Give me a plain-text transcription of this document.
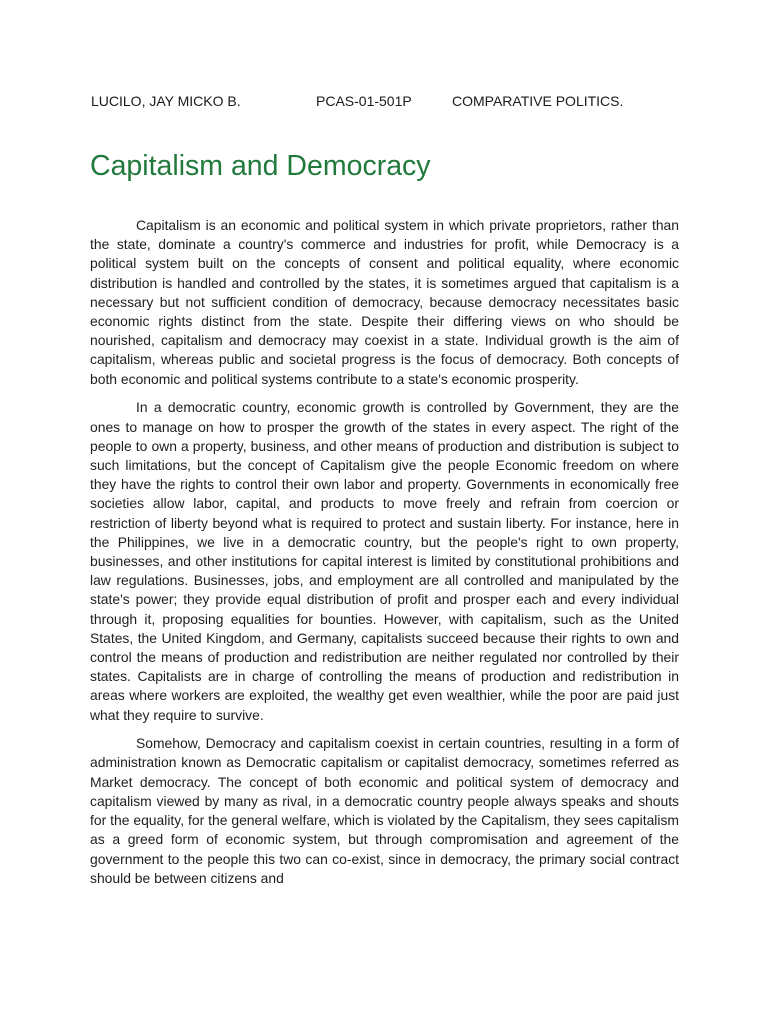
LUCILO, JAY MICKO B.	PCAS-01-501P	COMPARATIVE POLITICS.
Capitalism and Democracy

Capitalism is an economic and political system in which private proprietors, rather than the state, dominate a country's commerce and industries for profit, while Democracy is a political system built on the concepts of consent and political equality, where economic distribution is handled and controlled by the states, it is sometimes argued that capitalism is a necessary but not sufficient condition of democracy, because democracy necessitates basic economic rights distinct from the state. Despite their differing views on who should be nourished, capitalism and democracy may coexist in a state. Individual growth is the aim of capitalism, whereas public and societal progress is the focus of democracy. Both concepts of both economic and political systems contribute to a state's economic prosperity.

In a democratic country, economic growth is controlled by Government, they are the ones to manage on how to prosper the growth of the states in every aspect. The right of the people to own a property, business, and other means of production and distribution is subject to such limitations, but the concept of Capitalism give the people Economic freedom on where they have the rights to control their own labor and property. Governments in economically free societies allow labor, capital, and products to move freely and refrain from coercion or restriction of liberty beyond what is required to protect and sustain liberty. For instance, here in the Philippines, we live in a democratic country, but the people's right to own property, businesses, and other institutions for capital interest is limited by constitutional prohibitions and law regulations. Businesses, jobs, and employment are all controlled and manipulated by the state's power; they provide equal distribution of profit and prosper each and every individual through it, proposing equalities for bounties. However, with capitalism, such as the United States, the United Kingdom, and Germany, capitalists succeed because their rights to own and control the means of production and redistribution are neither regulated nor controlled by their states. Capitalists are in charge of controlling the means of production and redistribution in areas where workers are exploited, the wealthy get even wealthier, while the poor are paid just what they require to survive.

Somehow, Democracy and capitalism coexist in certain countries, resulting in a form of administration known as Democratic capitalism or capitalist democracy, sometimes referred as Market democracy. The concept of both economic and political system of democracy and capitalism viewed by many as rival, in a democratic country people always speaks and shouts for the equality, for the general welfare, which is violated by the Capitalism, they sees capitalism as a greed form of economic system, but through compromisation and agreement of the government to the people this two can co-exist, since in democracy, the primary social contract should be between citizens and
